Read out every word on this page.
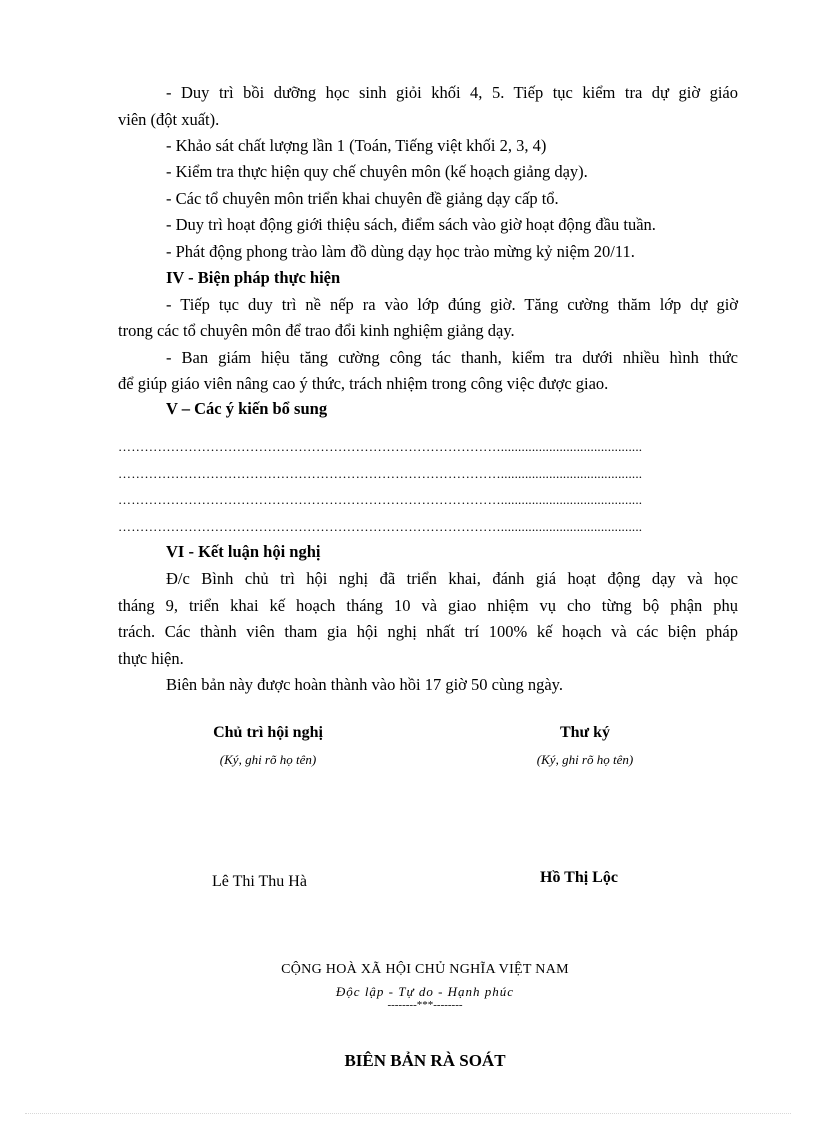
- Duy trì bồi dưỡng học sinh giỏi khối 4, 5. Tiếp tục kiểm tra dự giờ giáo
viên (đột xuất).
- Khảo sát chất lượng lần 1 (Toán, Tiếng việt khối 2, 3, 4)
- Kiểm tra thực hiện quy chế chuyên môn (kế hoạch giảng dạy).
- Các tổ chuyên môn triển khai chuyên đề giảng dạy cấp tổ.
- Duy trì hoạt động giới thiệu sách, điểm sách vào giờ hoạt động đầu tuần.
- Phát động phong trào làm đồ dùng dạy học trào mừng kỷ niệm 20/11.
IV - Biện pháp thực hiện
- Tiếp tục duy trì nề nếp ra vào lớp đúng giờ. Tăng cường thăm lớp dự giờ
trong các tổ chuyên môn để trao đổi kinh nghiệm giảng dạy.
- Ban giám hiệu tăng cường công tác thanh, kiểm tra dưới nhiều hình thức
để giúp giáo viên nâng cao ý thức, trách nhiệm trong công việc được giao.
V – Các ý kiến bổ sung
…………………………………………………………………………….........................................
…………………………………………………………………………….........................................
…………………………………………………………………………….........................................
…………………………………………………………………………….........................................
VI - Kết luận hội nghị
Đ/c Bình chủ trì hội nghị đã triển khai, đánh giá hoạt động dạy và học
tháng 9, triển khai kế hoạch tháng 10 và giao nhiệm vụ cho từng bộ phận phụ
trách. Các thành viên tham gia hội nghị nhất trí 100% kế hoạch và các biện pháp
thực hiện.
Biên bản này được hoàn thành vào hồi 17 giờ 50 cùng ngày.
Chủ trì hội nghị
(Ký, ghi rõ họ tên)
Thư ký
(Ký, ghi rõ họ tên)
Lê Thi Thu Hà	Hồ Thị Lộc
CỘNG HOÀ XÃ HỘI CHỦ NGHĨA VIỆT NAM
Độc lập - Tự do - Hạnh phúc
--------***--------
BIÊN BẢN RÀ SOÁT
